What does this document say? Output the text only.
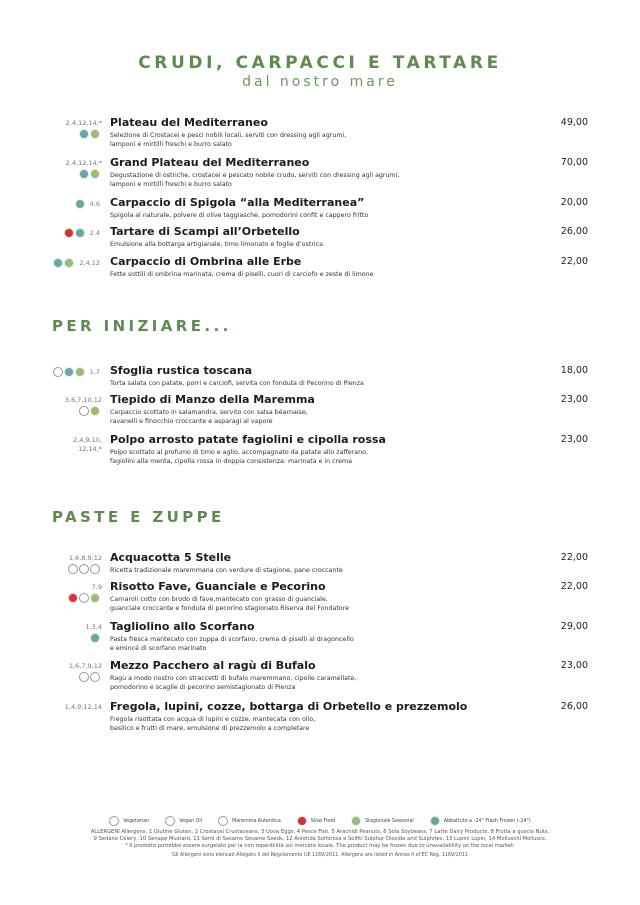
CRUDI, CARPACCI E TARTARE
dal nostro mare
2,4,12,14,* Plateau del Mediterraneo
Selezione di Crostacei e pesci nobili locali, serviti con dressing agli agrumi,
lamponi e mirtilli freschi e burro salato
49,00
2,4,12,14,* Grand Plateau del Mediterraneo
Degustazione di ostriche, crostacei e pescato nobile crudo, serviti con dressing agli agrumi,
lamponi e mirtilli freschi e burro salato
70,00
4,6 Carpaccio di Spigola “alla Mediterranea”
Spigola al naturale, polvere di olive taggiasche, pomodorini confit e cappero fritto
20,00
2,4 Tartare di Scampi all’Orbetello
Emulsione alla bottarga artigianale, timo limonato e foglie d’ostrica
26,00
2,4,12 Carpaccio di Ombrina alle Erbe
Fette sottili di ombrina marinata, crema di piselli, cuori di carciofo e zeste di limone
22,00
PER INIZIARE...
1,7 Sfoglia rustica toscana
Torta salata con patate, porri e carciofi, servita con fonduta di Pecorino di Pienza
18,00
3,6,7,10,12 Tiepido di Manzo della Maremma
Carpaccio scottato in salamandra, servito con salsa béarnaise,
ravanelli e finocchio croccante e asparagi al vapore
23,00
2,4,9,10,
12,14,*
Polpo arrosto patate fagiolini e cipolla rossa
Polpo scottato al profumo di timo e aglio, accompagnato da patate allo zafferano,
fagiolini alla menta, cipolla rossa in doppia consistenza: marinata e in crema
23,00
PASTE E ZUPPE
1,6,8,9,12 Acquacotta 5 Stelle
Ricetta tradizionale maremmana con verdure di stagione, pane croccante
22,00
7,9 Risotto Fave, Guanciale e Pecorino
Carnaroli cotto con brodo di fave,mantecato con grasso di guanciale,
guanciale croccante e fonduta di pecorino stagionato Riserva del Fondatore
22,00
1,3,4 Tagliolino allo Scorfano
Pasta fresca mantecato con zuppa di scorfano, crema di piselli al dragoncello
e emincé di scorfano marinato
29,00
1,6,7,9,12 Mezzo Pacchero al ragù di Bufalo
Ragù a modo nostro con straccetti di bufalo maremmano, cipolle caramellate,
pomodorino e scaglie di pecorino semistagionato di Pienza
23,00
1,4,9,12,14 Fregola, lupini, cozze, bottarga di Orbetello e prezzemolo
Fregola risottata con acqua di lupini e cozze, mantecata con olio,
basilico e frutti di mare, emulsione di prezzemolo a completare
26,00
Vegetarian	Vegan Oil	Maremma Autentica	Slow Food	Stagionale Seasonal	Abbattuto a -24° Flash Frozen (-24°)
ALLERGENI Allergens: 1 Glutine Gluten, 2 Crostacei Crustaceans, 3 Uova Eggs, 4 Pesce Fish, 5 Arachidi Peanuts, 6 Soia Soybeans, 7 Latte Dairy Products, 8 Frutta a guscio Nuts,
9 Sedano Celery, 10 Senape Mustard, 11 Semi di Sesamo Sesame Seeds, 12 Anidride Solforosa e Solfiti Sulphur Dioxide and Sulphites, 13 Lupini Lupin, 14 Molluschi Molluscs.
* Il prodotto potrebbe essere surgelato per la non reperibilità sul mercato locale. The product may be frozen due to unavailability on the local market.
Gli Allergeni sono elencati Allegato II del Regolamento UE 1169/2011. Allergens are listed in Annex II of EC Reg. 1169/2011
